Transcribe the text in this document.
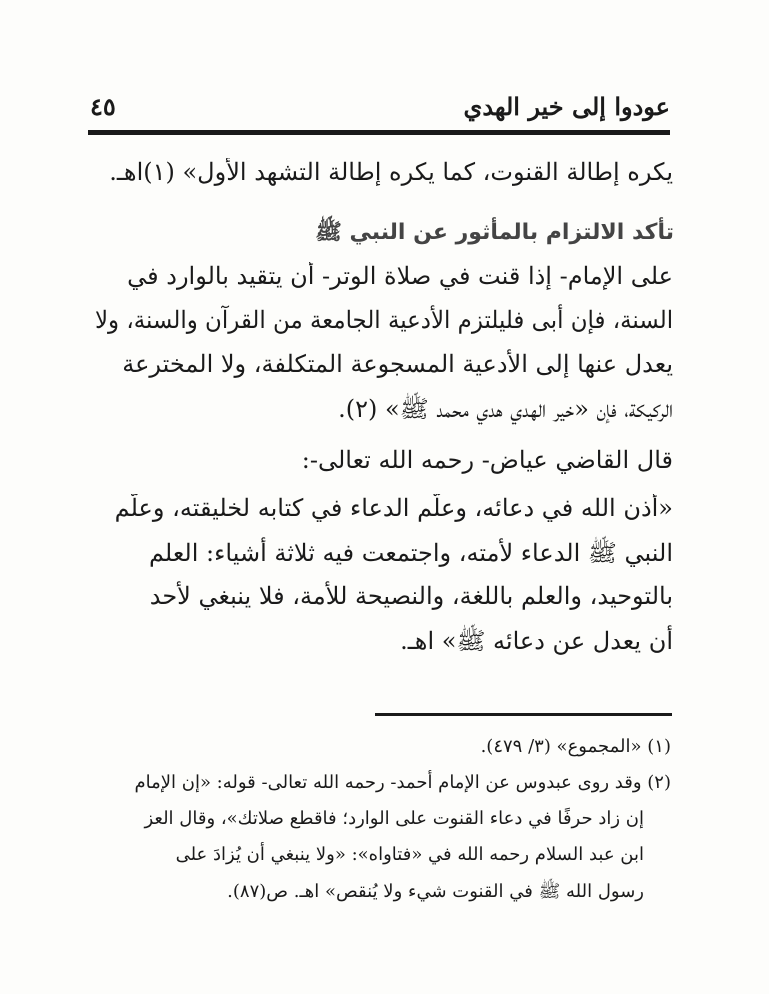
عودوا إلى خير الهدي
٤٥
يكره إطالة القنوت، كما يكره إطالة التشهد الأول» (١)اهـ.
تأكد الالتزام بالمأثور عن النبي ﷺ
على الإمام- إذا قنت في صلاة الوتر- أن يتقيد بالوارد في
السنة، فإن أبى فليلتزم الأدعية الجامعة من القرآن والسنة، ولا
يعدل عنها إلى الأدعية المسجوعة المتكلفة، ولا المخترعة
الركيكة، فإن «خير الهدي هدي محمد ﷺ» (٢).
قال القاضي عياض- رحمه الله تعالى-:
«أذن الله في دعائه، وعلَّم الدعاء في كتابه لخليقته، وعلَّم
النبي ﷺ الدعاء لأمته، واجتمعت فيه ثلاثة أشياء: العلم
بالتوحيد، والعلم باللغة، والنصيحة للأمة، فلا ينبغي لأحد
أن يعدل عن دعائه ﷺ» اهـ.
(١) «المجموع» (٣/ ٤٧٩).
(٢) وقد روى عبدوس عن الإمام أحمد- رحمه الله تعالى- قوله: «إن الإمام
إن زاد حرفًا في دعاء القنوت على الوارد؛ فاقطع صلاتك»، وقال العز
ابن عبد السلام رحمه الله في «فتاواه»: «ولا ينبغي أن يُزادَ على
رسول الله ﷺ في القنوت شيء ولا يُنقص» اهـ. ص(٨٧).
